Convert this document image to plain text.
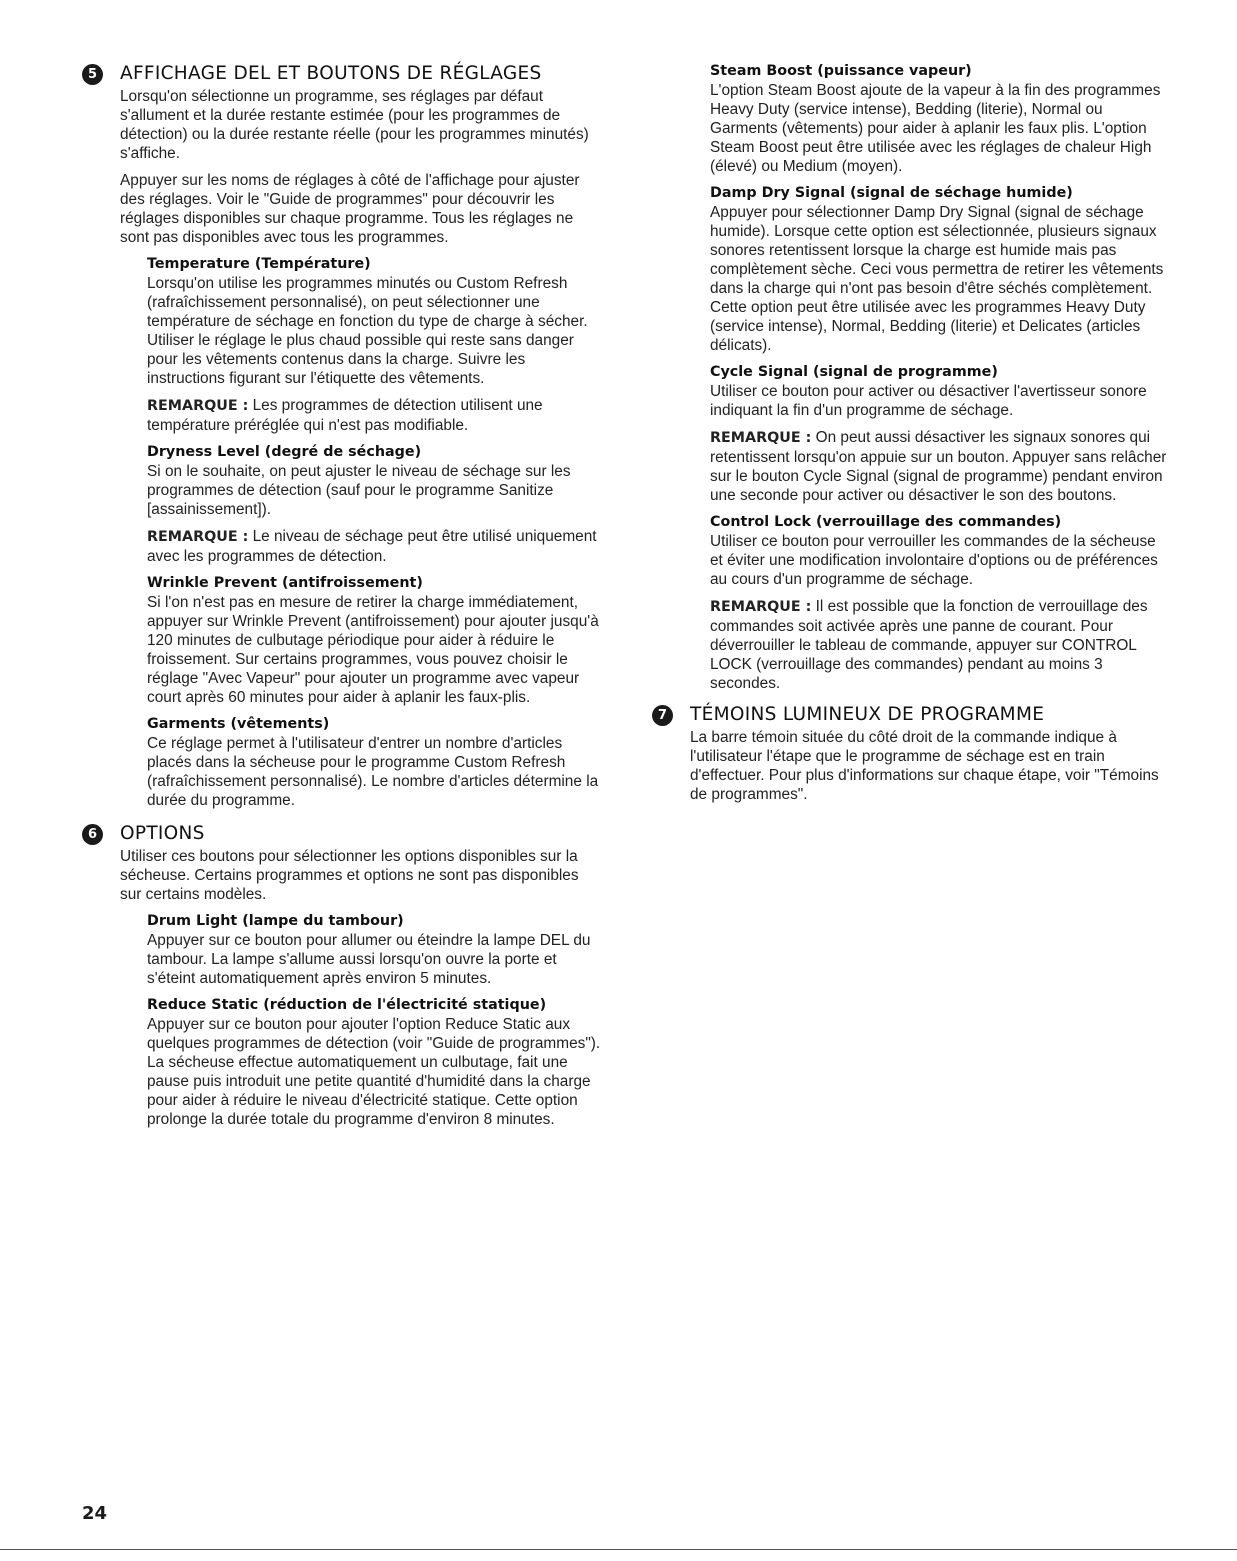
5	AFFICHAGE DEL ET BOUTONS DE RÉGLAGES

Lorsqu'on sélectionne un programme, ses réglages par défaut s'allument et la durée restante estimée (pour les programmes de détection) ou la durée restante réelle (pour les programmes minutés) s'affiche.

Appuyer sur les noms de réglages à côté de l'affichage pour ajuster des réglages. Voir le "Guide de programmes" pour découvrir les réglages disponibles sur chaque programme. Tous les réglages ne sont pas disponibles avec tous les programmes.

Temperature (Température)

Lorsqu'on utilise les programmes minutés ou Custom Refresh (rafraîchissement personnalisé), on peut sélectionner une température de séchage en fonction du type de charge à sécher. Utiliser le réglage le plus chaud possible qui reste sans danger pour les vêtements contenus dans la charge. Suivre les instructions figurant sur l'étiquette des vêtements.

REMARQUE : Les programmes de détection utilisent une température préréglée qui n'est pas modifiable.

Dryness Level (degré de séchage)

Si on le souhaite, on peut ajuster le niveau de séchage sur les programmes de détection (sauf pour le programme Sanitize [assainissement]).

REMARQUE : Le niveau de séchage peut être utilisé uniquement avec les programmes de détection.

Wrinkle Prevent (antifroissement)

Si l'on n'est pas en mesure de retirer la charge immédiatement, appuyer sur Wrinkle Prevent (antifroissement) pour ajouter jusqu'à 120 minutes de culbutage périodique pour aider à réduire le froissement. Sur certains programmes, vous pouvez choisir le réglage "Avec Vapeur" pour ajouter un programme avec vapeur court après 60 minutes pour aider à aplanir les faux-plis.

Garments (vêtements)

Ce réglage permet à l'utilisateur d'entrer un nombre d'articles placés dans la sécheuse pour le programme Custom Refresh (rafraîchissement personnalisé). Le nombre d'articles détermine la durée du programme.

6	OPTIONS

Utiliser ces boutons pour sélectionner les options disponibles sur la sécheuse. Certains programmes et options ne sont pas disponibles sur certains modèles.

Drum Light (lampe du tambour)

Appuyer sur ce bouton pour allumer ou éteindre la lampe DEL du tambour. La lampe s'allume aussi lorsqu'on ouvre la porte et s'éteint automatiquement après environ 5 minutes.

Reduce Static (réduction de l'électricité statique)

Appuyer sur ce bouton pour ajouter l'option Reduce Static aux quelques programmes de détection (voir "Guide de programmes"). La sécheuse effectue automatiquement un culbutage, fait une pause puis introduit une petite quantité d'humidité dans la charge pour aider à réduire le niveau d'électricité statique. Cette option prolonge la durée totale du programme d'environ 8 minutes.

Steam Boost (puissance vapeur)

L'option Steam Boost ajoute de la vapeur à la fin des programmes Heavy Duty (service intense), Bedding (literie), Normal ou Garments (vêtements) pour aider à aplanir les faux plis. L'option Steam Boost peut être utilisée avec les réglages de chaleur High (élevé) ou Medium (moyen).

Damp Dry Signal (signal de séchage humide)

Appuyer pour sélectionner Damp Dry Signal (signal de séchage humide). Lorsque cette option est sélectionnée, plusieurs signaux sonores retentissent lorsque la charge est humide mais pas complètement sèche. Ceci vous permettra de retirer les vêtements dans la charge qui n'ont pas besoin d'être séchés complètement. Cette option peut être utilisée avec les programmes Heavy Duty (service intense), Normal, Bedding (literie) et Delicates (articles délicats).

Cycle Signal (signal de programme)

Utiliser ce bouton pour activer ou désactiver l'avertisseur sonore indiquant la fin d'un programme de séchage.

REMARQUE : On peut aussi désactiver les signaux sonores qui retentissent lorsqu'on appuie sur un bouton. Appuyer sans relâcher sur le bouton Cycle Signal (signal de programme) pendant environ une seconde pour activer ou désactiver le son des boutons.

Control Lock (verrouillage des commandes)

Utiliser ce bouton pour verrouiller les commandes de la sécheuse et éviter une modification involontaire d'options ou de préférences au cours d'un programme de séchage.

REMARQUE : Il est possible que la fonction de verrouillage des commandes soit activée après une panne de courant. Pour déverrouiller le tableau de commande, appuyer sur CONTROL LOCK (verrouillage des commandes) pendant au moins 3 secondes.

7	TÉMOINS LUMINEUX DE PROGRAMME

La barre témoin située du côté droit de la commande indique à l'utilisateur l'étape que le programme de séchage est en train d'effectuer. Pour plus d'informations sur chaque étape, voir "Témoins de programmes".

24
